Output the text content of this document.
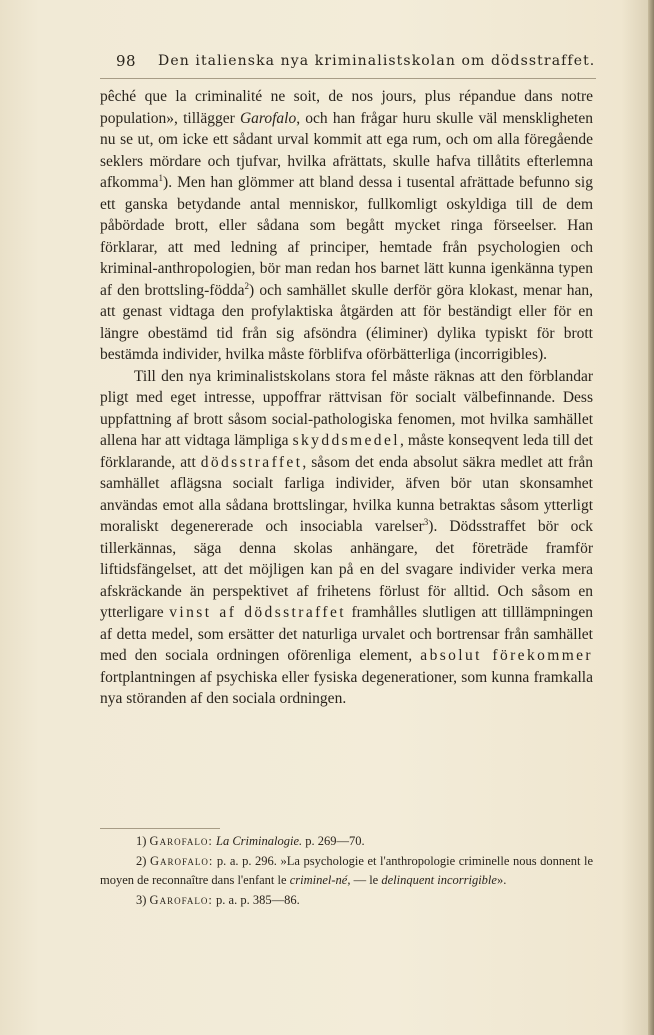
98 Den italienska nya kriminalistskolan om dödsstraffet.

pêché que la criminalité ne soit, de nos jours, plus répandue dans notre population», tillägger Garofalo, och han frågar huru skulle väl menskligheten nu se ut, om icke ett sådant urval kommit att ega rum, och om alla föregående seklers mördare och tjufvar, hvilka afrättats, skulle hafva tillåtits efterlemna afkomma$^1$). Men han glömmer att bland dessa i tusental afrättade befunno sig ett ganska betydande antal menniskor, fullkomligt oskyldiga till de dem påbördade brott, eller sådana som begått mycket ringa förseelser. Han förklarar, att med ledning af principer, hemtade från psychologien och kriminal-anthropologien, bör man redan hos barnet lätt kunna igenkänna typen af den brottsling-födda$^2$) och samhället skulle derför göra klokast, menar han, att genast vidtaga den profylaktiska åtgärden att för beständigt eller för en längre obestämd tid från sig afsöndra (éliminer) dylika typiskt för brott bestämda individer, hvilka måste förblifva oförbätterliga (incorrigibles).

Till den nya kriminalistskolans stora fel måste räknas att den förblandar pligt med eget intresse, uppoffrar rättvisan för socialt välbefinnande. Dess uppfattning af brott såsom social-pathologiska fenomen, mot hvilka samhället allena har att vidtaga lämpliga skyddsmedel, måste konseqvent leda till det förklarande, att dödsstraffet, såsom det enda absolut säkra medlet att från samhället aflägsna socialt farliga individer, äfven bör utan skonsamhet användas emot alla sådana brottslingar, hvilka kunna betraktas såsom ytterligt moraliskt degenererade och insociabla varelser$^3$). Dödsstraffet bör ock tillerkännas, säga denna skolas anhängare, det företräde framför liftidsfängelset, att det möjligen kan på en del svagare individer verka mera afskräckande än perspektivet af frihetens förlust för alltid. Och såsom en ytterligare vinst af dödsstraffet framhålles slutligen att tilllämpningen af detta medel, som ersätter det naturliga urvalet och bortrensar från samhället med den sociala ordningen oförenliga element, absolut förekommer fortplantningen af psychiska eller fysiska degenerationer, som kunna framkalla nya störanden af den sociala ordningen.

1) Garofalo: La Criminalogie. p. 269—70.

2) Garofalo: p. a. p. 296. »La psychologie et l'anthropologie criminelle nous donnent le moyen de reconnaître dans l'enfant le criminel-né, — le delinquent incorrigible».

3) Garofalo: p. a. p. 385—86.
